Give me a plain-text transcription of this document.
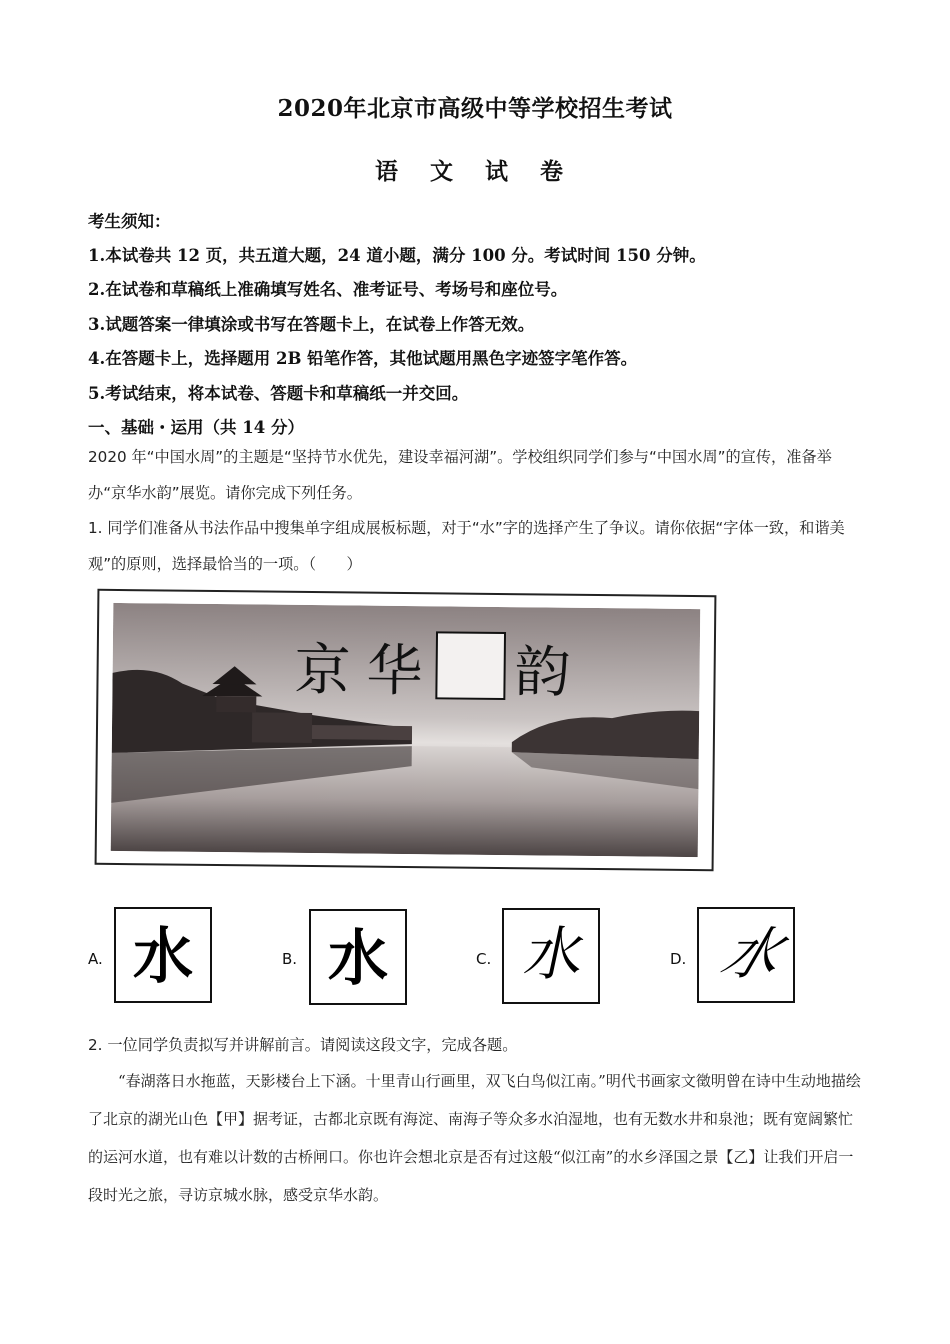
2020年北京市高级中等学校招生考试
语 文 试 卷
考生须知：
1.本试卷共 12 页，共五道大题，24 道小题，满分 100 分。考试时间 150 分钟。
2.在试卷和草稿纸上准确填写姓名、准考证号、考场号和座位号。
3.试题答案一律填涂或书写在答题卡上，在试卷上作答无效。
4.在答题卡上，选择题用 2B 铅笔作答，其他试题用黑色字迹签字笔作答。
5.考试结束，将本试卷、答题卡和草稿纸一并交回。
一、基础・运用（共 14 分）
2020 年“中国水周”的主题是“坚持节水优先，建设幸福河湖”。学校组织同学们参与“中国水周”的宣传，准备举办“京华水韵”展览。请你完成下列任务。
1. 同学们准备从书法作品中搜集单字组成展板标题，对于“水”字的选择产生了争议。请你依据“字体一致，和谐美观”的原则，选择最恰当的一项。（　　）
京 华 韵
A. 水	B. 水	C. 水	D. 水
2. 一位同学负责拟写并讲解前言。请阅读这段文字，完成各题。
“春湖落日水拖蓝，天影楼台上下涵。十里青山行画里，双飞白鸟似江南。”明代书画家文徵明曾在诗中生动地描绘了北京的湖光山色【甲】据考证，古都北京既有海淀、南海子等众多水泊湿地，也有无数水井和泉池；既有宽阔繁忙的运河水道，也有难以计数的古桥闸口。你也许会想北京是否有过这般“似江南”的水乡泽国之景【乙】让我们开启一段时光之旅，寻访京城水脉，感受京华水韵。
